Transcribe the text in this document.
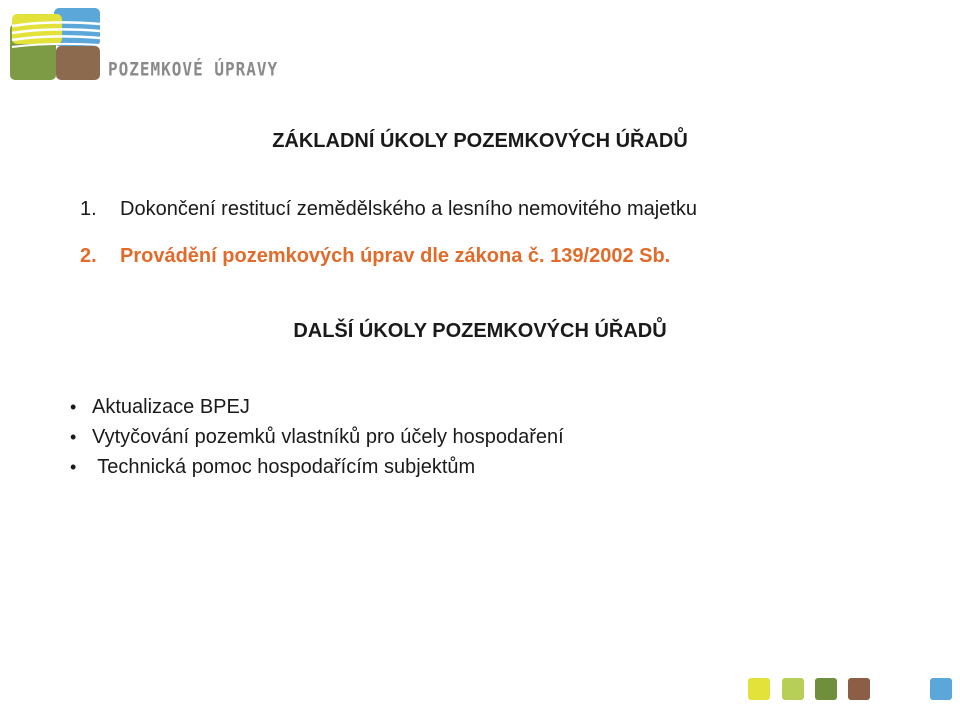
POZEMKOVÉ ÚPRAVY
ZÁKLADNÍ ÚKOLY POZEMKOVÝCH ÚŘADŮ
1.	Dokončení restitucí zemědělského a lesního nemovitého majetku
2.	Provádění pozemkových úprav dle zákona č. 139/2002 Sb.
DALŠÍ ÚKOLY POZEMKOVÝCH ÚŘADŮ
• Aktualizace BPEJ
• Vytyčování pozemků vlastníků pro účely hospodaření
• Technická pomoc hospodařícím subjektům
